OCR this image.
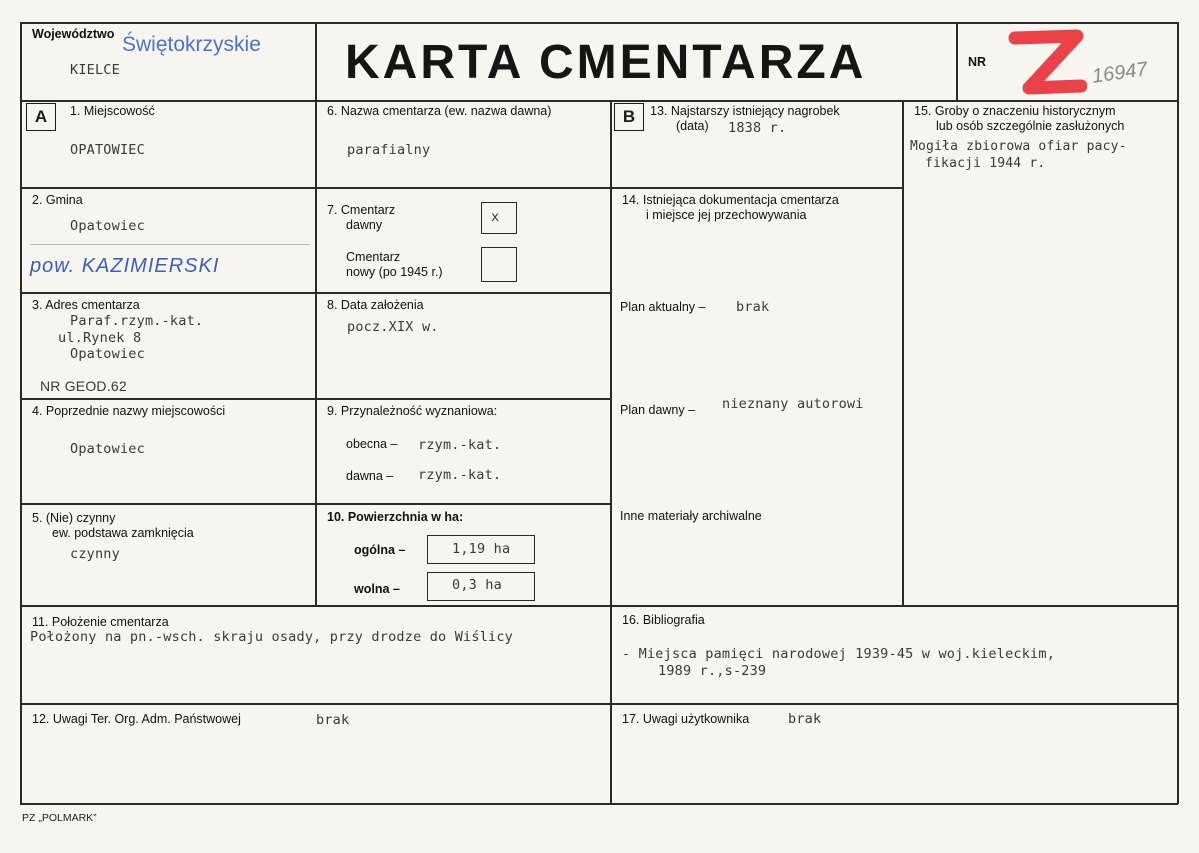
Województwo Świętokrzyskie
KIELCE	KARTA CMENTARZA	NR	16947
A	B
1. Miejscowość
OPATOWIEC
2. Gmina
Opatowiec
pow. KAZIMIERSKI
3. Adres cmentarza
Paraf.rzym.-kat.
ul.Rynek 8
Opatowiec
NR GEOD.62
4. Poprzednie nazwy miejscowości
Opatowiec
5. (Nie) czynny
ew. podstawa zamknięcia
czynny
6. Nazwa cmentarza (ew. nazwa dawna)
parafialny
7. Cmentarz
dawny	x
Cmentarz
nowy (po 1945 r.)
8. Data założenia
pocz.XIX w.
9. Przynależność wyznaniowa:
obecna – rzym.-kat.
dawna – rzym.-kat.
10. Powierzchnia w ha:
ogólna –	1,19 ha
wolna –	0,3 ha
11. Położenie cmentarza
Położony na pn.-wsch. skraju osady, przy drodze do Wiślicy
12. Uwagi Ter. Org. Adm. Państwowej	brak
13. Najstarszy istniejący nagrobek
(data) 1838 r.
14. Istniejąca dokumentacja cmentarza
i miejsce jej przechowywania
Plan aktualny – brak
Plan dawny – nieznany autorowi
Inne materiały archiwalne
15. Groby o znaczeniu historycznym
lub osób szczególnie zasłużonych
Mogiła zbiorowa ofiar pacy-
fikacji 1944 r.
16. Bibliografia
- Miejsca pamięci narodowej 1939-45 w woj.kieleckim,
1989 r.,s-239
17. Uwagi użytkownika	brak
PZ „POLMARK”
